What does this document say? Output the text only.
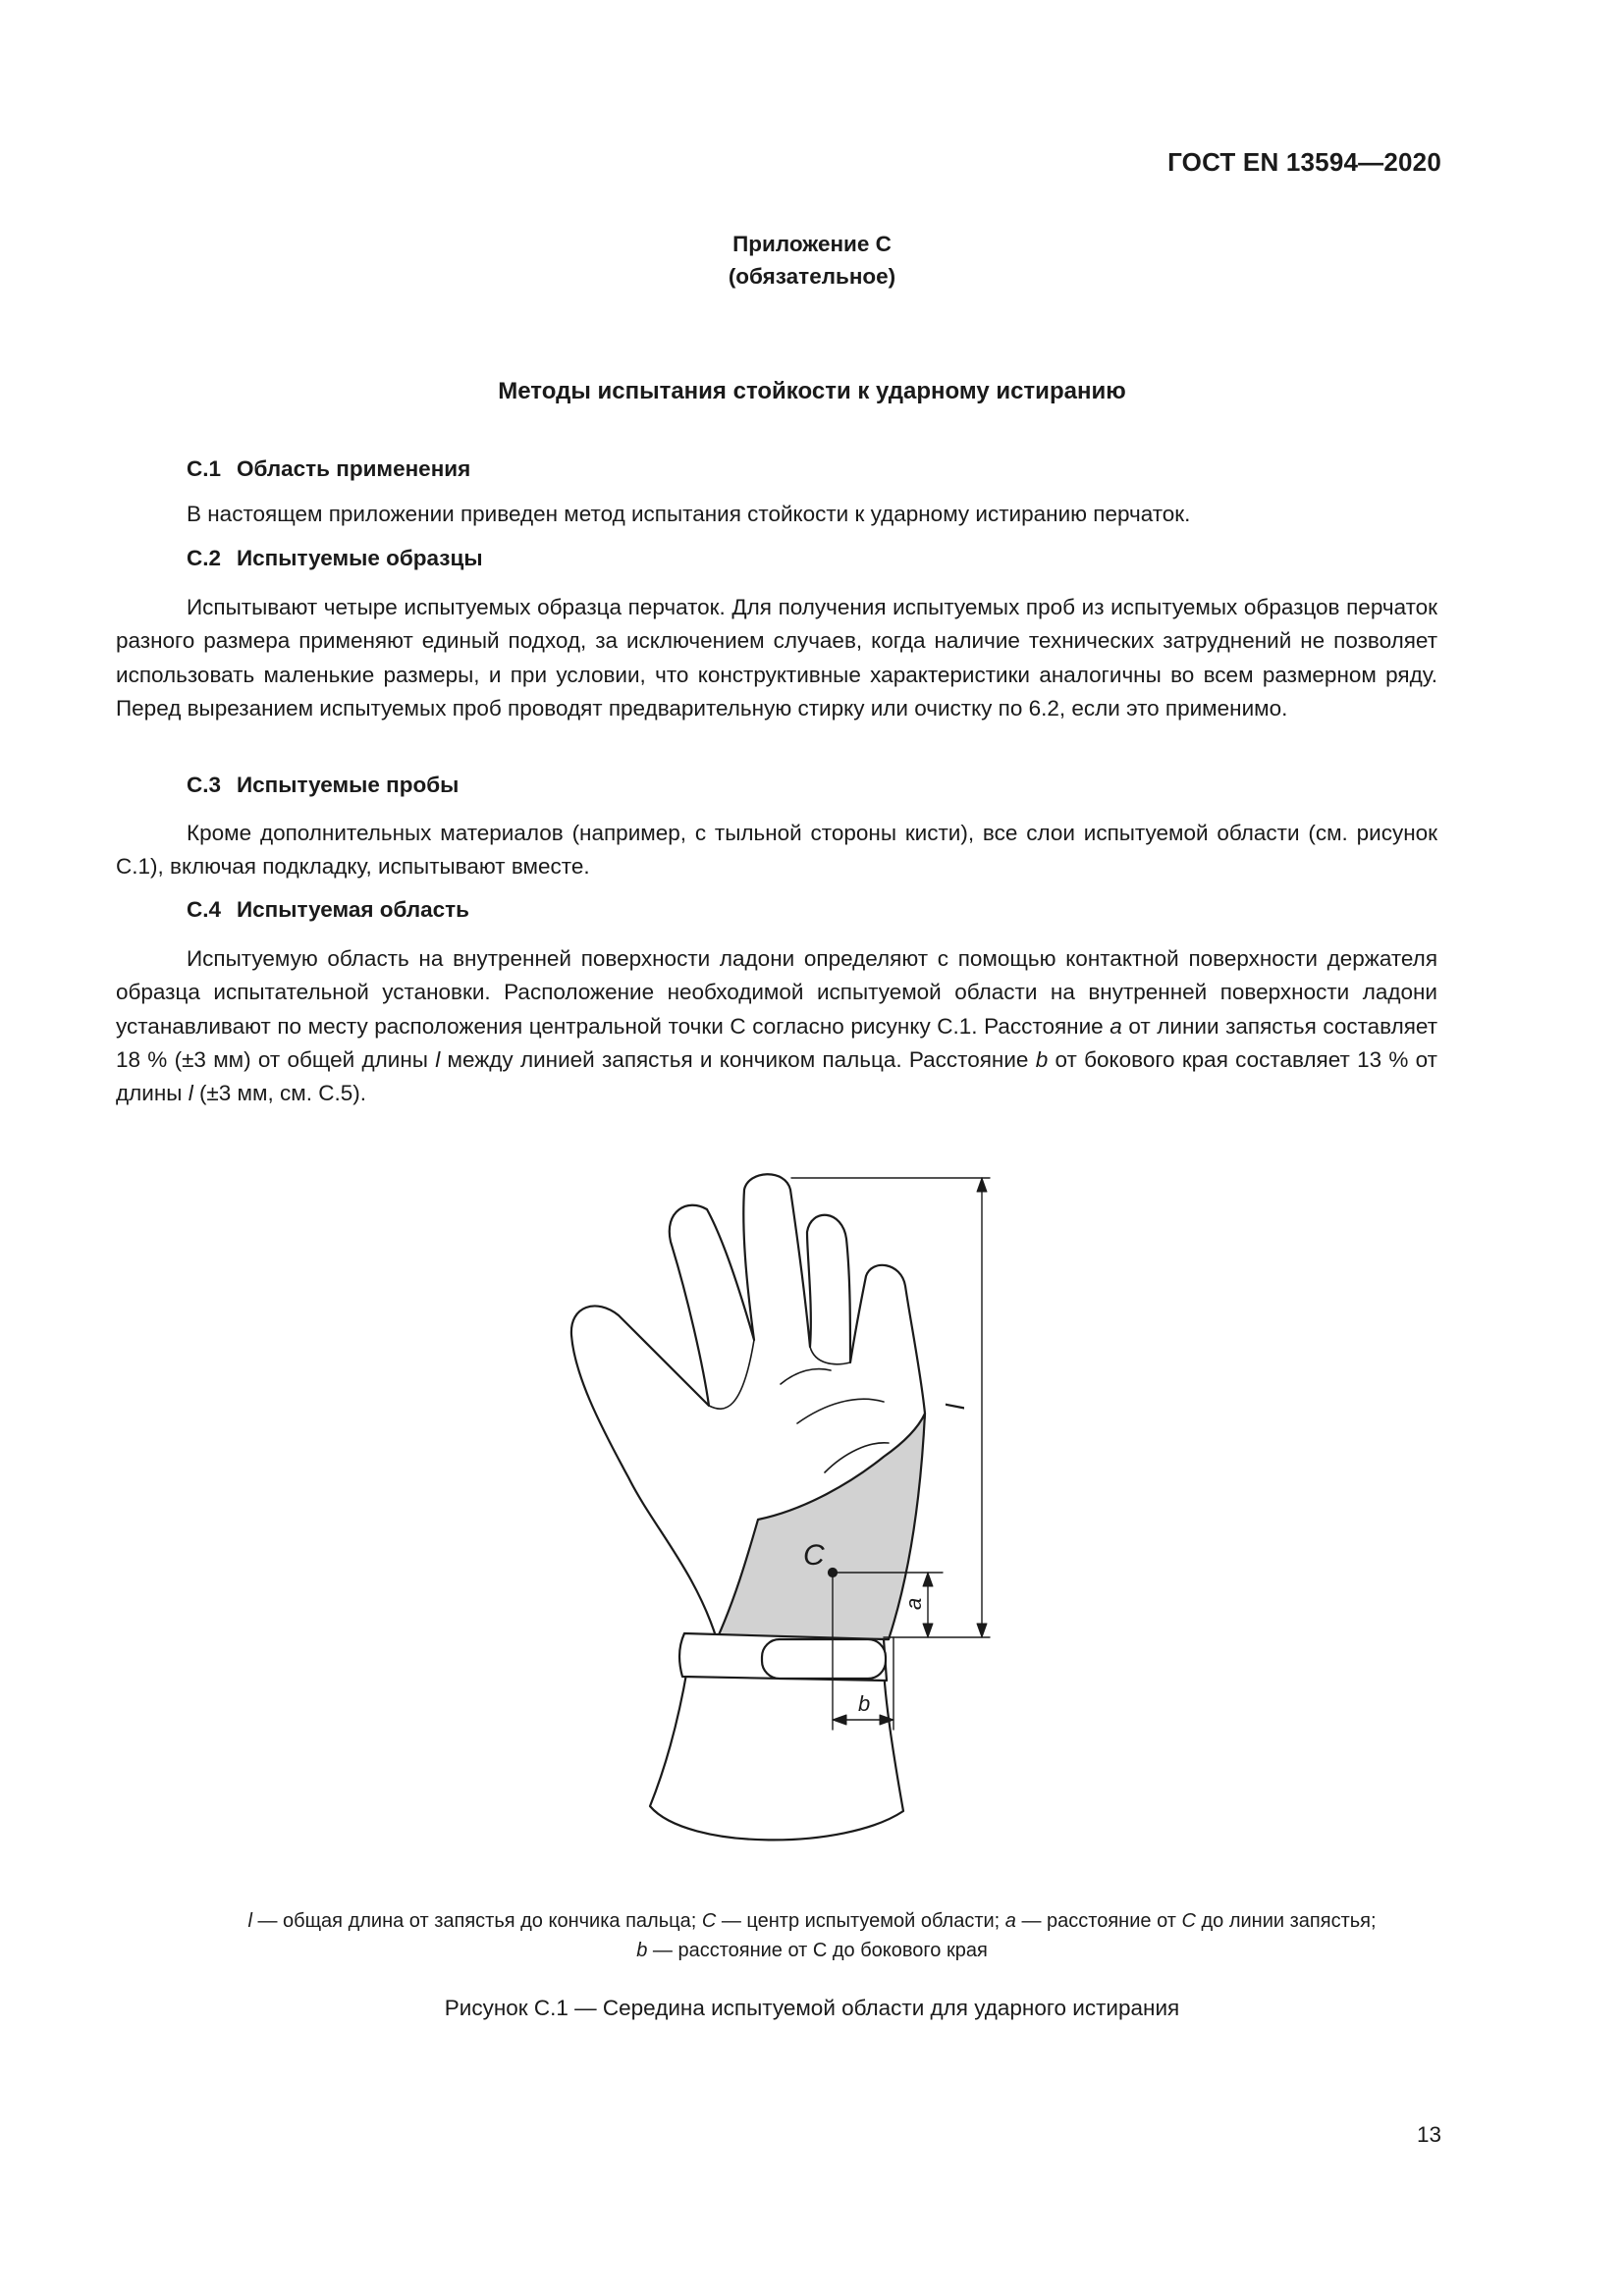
ГОСТ EN 13594—2020
Приложение С
(обязательное)
Методы испытания стойкости к ударному истиранию
С.1 Область применения

В настоящем приложении приведен метод испытания стойкости к ударному истиранию перчаток.

С.2 Испытуемые образцы

Испытывают четыре испытуемых образца перчаток. Для получения испытуемых проб из испытуемых образцов перчаток разного размера применяют единый подход, за исключением случаев, когда наличие технических затруднений не позволяет использовать маленькие размеры, и при условии, что конструктивные характеристики аналогичны во всем размерном ряду. Перед вырезанием испытуемых проб проводят предварительную стирку или очистку по 6.2, если это применимо.

С.3 Испытуемые пробы

Кроме дополнительных материалов (например, с тыльной стороны кисти), все слои испытуемой области (см. рисунок С.1), включая подкладку, испытывают вместе.

С.4 Испытуемая область

Испытуемую область на внутренней поверхности ладони определяют с помощью контактной поверхности держателя образца испытательной установки. Расположение необходимой испытуемой области на внутренней поверхности ладони устанавливают по месту расположения центральной точки С согласно рисунку С.1. Расстояние a от линии запястья составляет 18 % (±3 мм) от общей длины l между линией запястья и кончиком пальца. Расстояние b от бокового края составляет 13 % от длины l (±3 мм, см. С.5).

l
C
a
b
l — общая длина от запястья до кончика пальца; C — центр испытуемой области; a — расстояние от C до линии запястья;
b — расстояние от С до бокового края
Рисунок С.1 — Середина испытуемой области для ударного истирания
13
